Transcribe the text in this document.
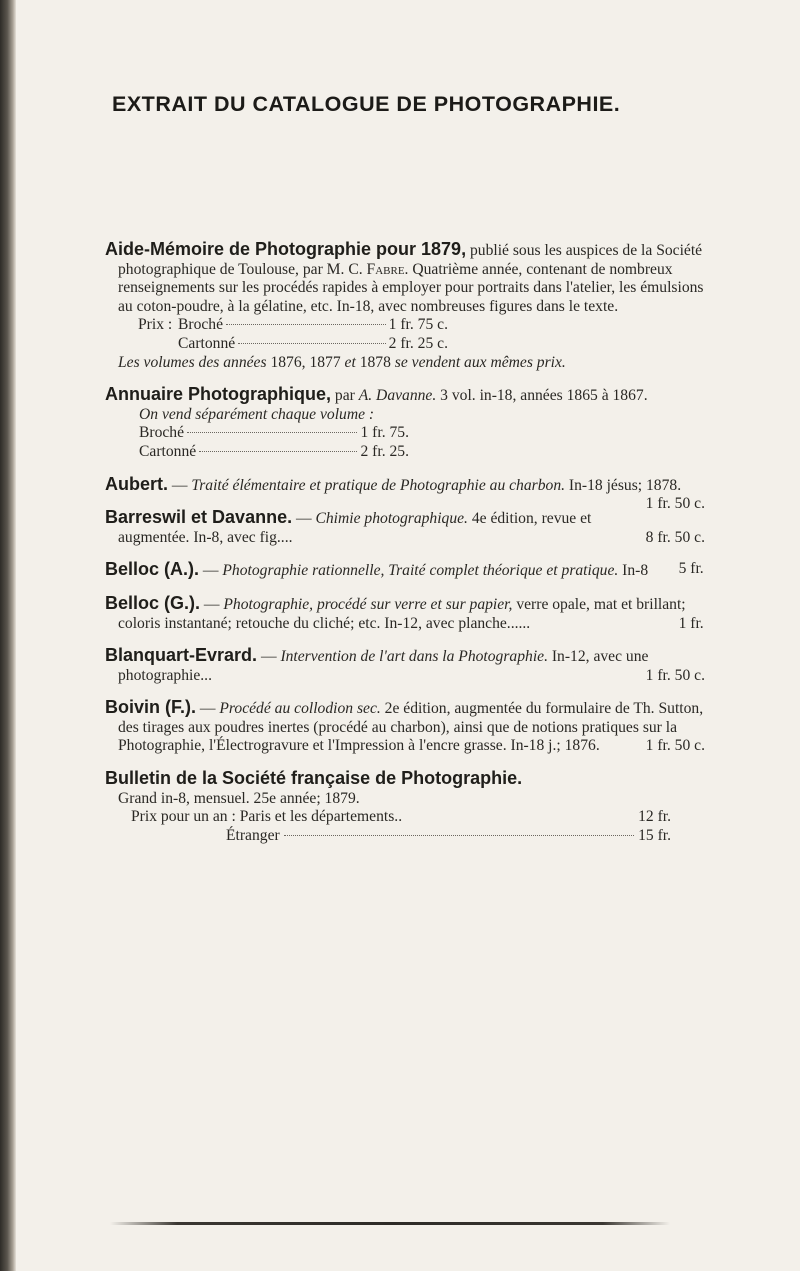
EXTRAIT DU CATALOGUE DE PHOTOGRAPHIE.

Aide-Mémoire de Photographie pour 1879, publié sous les auspices de la Société photographique de Toulouse, par M. C. Fabre. Quatrième année, contenant de nombreux renseignements sur les procédés rapides à employer pour portraits dans l'atelier, les émulsions au coton-poudre, à la gélatine, etc. In-18, avec nombreuses figures dans le texte.

Prix : Broché	1 fr. 75 c.
Cartonné	2 fr. 25 c.

Les volumes des années 1876, 1877 et 1878 se vendent aux mêmes prix.

Annuaire Photographique, par A. Davanne. 3 vol. in-18, années 1865 à 1867.

On vend séparément chaque volume :

Broché	1 fr. 75.
Cartonné	2 fr. 25.

Aubert. — Traité élémentaire et pratique de Photographie au charbon. In-18 jésus; 1878.
1 fr. 50 c.

Barreswil et Davanne. — Chimie photographique. 4e édition, revue et augmentée. In-8, avec fig....	8 fr. 50 c.

Belloc (A.). — Photographie rationnelle, Traité complet théorique et pratique. In-8 5 fr.

Belloc (G.). — Photographie, procédé sur verre et sur papier, verre opale, mat et brillant; coloris instantané; retouche du cliché; etc. In-12, avec planche......	1 fr.

Blanquart-Evrard. — Intervention de l'art dans la Photographie. In-12, avec une photographie...	1 fr. 50 c.

Boivin (F.). — Procédé au collodion sec. 2e édition, augmentée du formulaire de Th. Sutton, des tirages aux poudres inertes (procédé au charbon), ainsi que de notions pratiques sur la Photographie, l'Électrogravure et l'Impression à l'encre grasse. In-18 j.; 1876.	1 fr. 50 c.

Bulletin de la Société française de Photographie.

Grand in-8, mensuel. 25e année; 1879.

Prix pour un an : Paris et les départements..	12 fr.
Étranger	15 fr.
